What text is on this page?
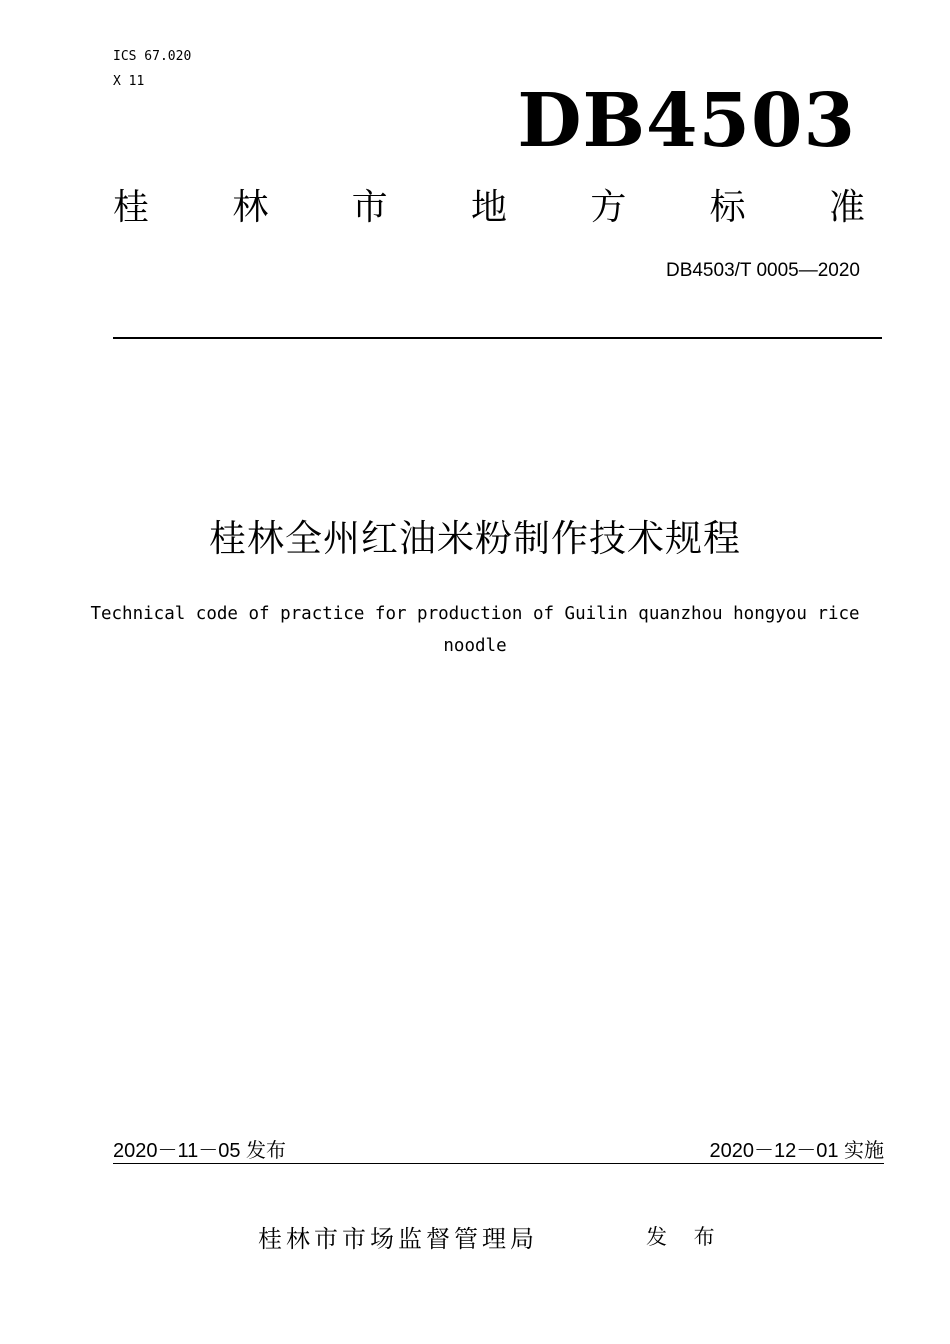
ICS 67.020
X 11	DB4503
桂 林 市 地 方 标 准
DB4503/T 0005—2020
桂林全州红油米粉制作技术规程
Technical code of practice for production of Guilin quanzhou hongyou rice
noodle
2020－11－05 发布	2020－12－01 实施
桂林市市场监督管理局	发 布
